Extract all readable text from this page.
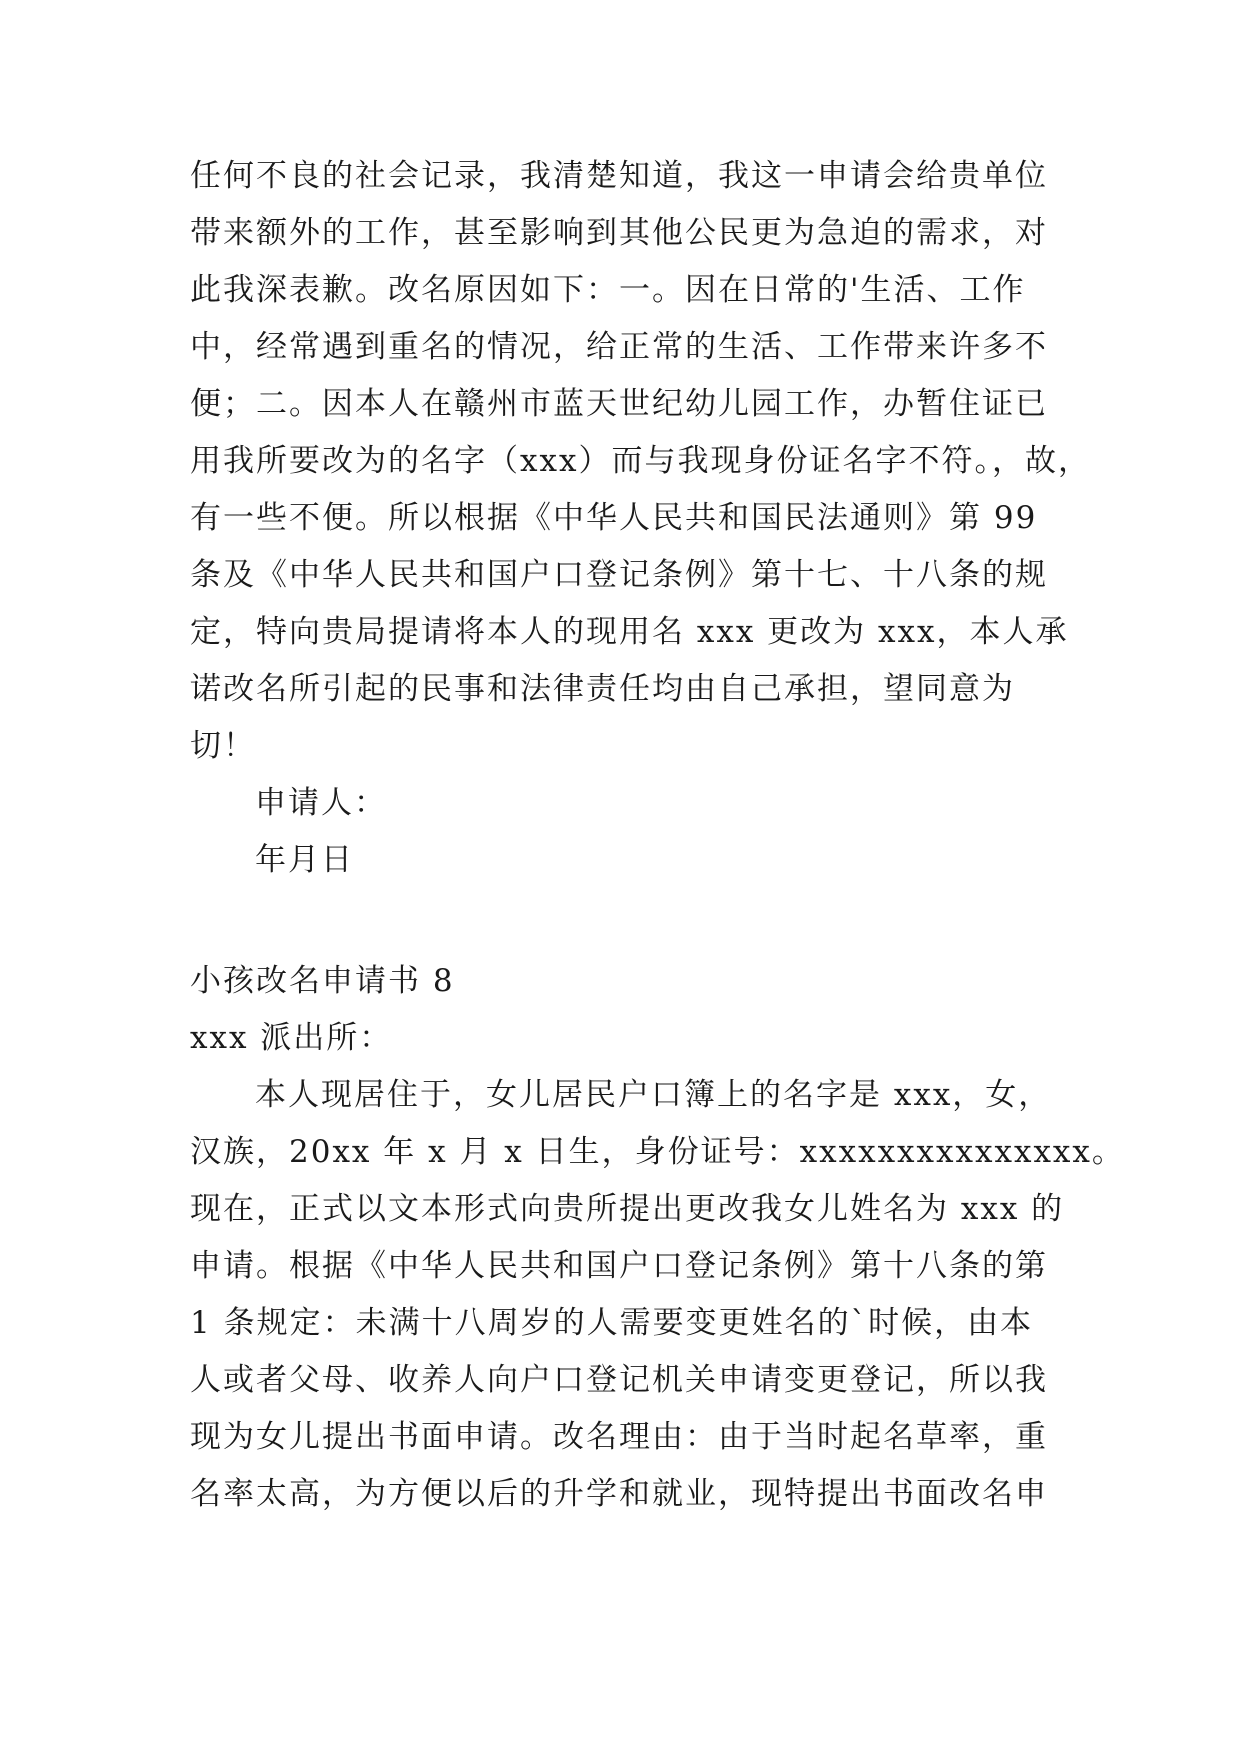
任何不良的社会记录，我清楚知道，我这一申请会给贵单位
带来额外的工作，甚至影响到其他公民更为急迫的需求，对
此我深表歉。改名原因如下：一。因在日常的'生活、工作
中，经常遇到重名的情况，给正常的生活、工作带来许多不
便；二。因本人在赣州市蓝天世纪幼儿园工作，办暂住证已
用我所要改为的名字（xxx）而与我现身份证名字不符。，故，
有一些不便。所以根据《中华人民共和国民法通则》第 99
条及《中华人民共和国户口登记条例》第十七、十八条的规
定，特向贵局提请将本人的现用名 xxx 更改为 xxx，本人承
诺改名所引起的民事和法律责任均由自己承担，望同意为
切！
申请人：
年月日
小孩改名申请书 8
xxx 派出所：
本人现居住于，女儿居民户口簿上的名字是 xxx，女，
汉族，20xx 年 x 月 x 日生，身份证号：xxxxxxxxxxxxxxx。
现在，正式以文本形式向贵所提出更改我女儿姓名为 xxx 的
申请。根据《中华人民共和国户口登记条例》第十八条的第
1 条规定：未满十八周岁的人需要变更姓名的`时候，由本
人或者父母、收养人向户口登记机关申请变更登记，所以我
现为女儿提出书面申请。改名理由：由于当时起名草率，重
名率太高，为方便以后的升学和就业，现特提出书面改名申
